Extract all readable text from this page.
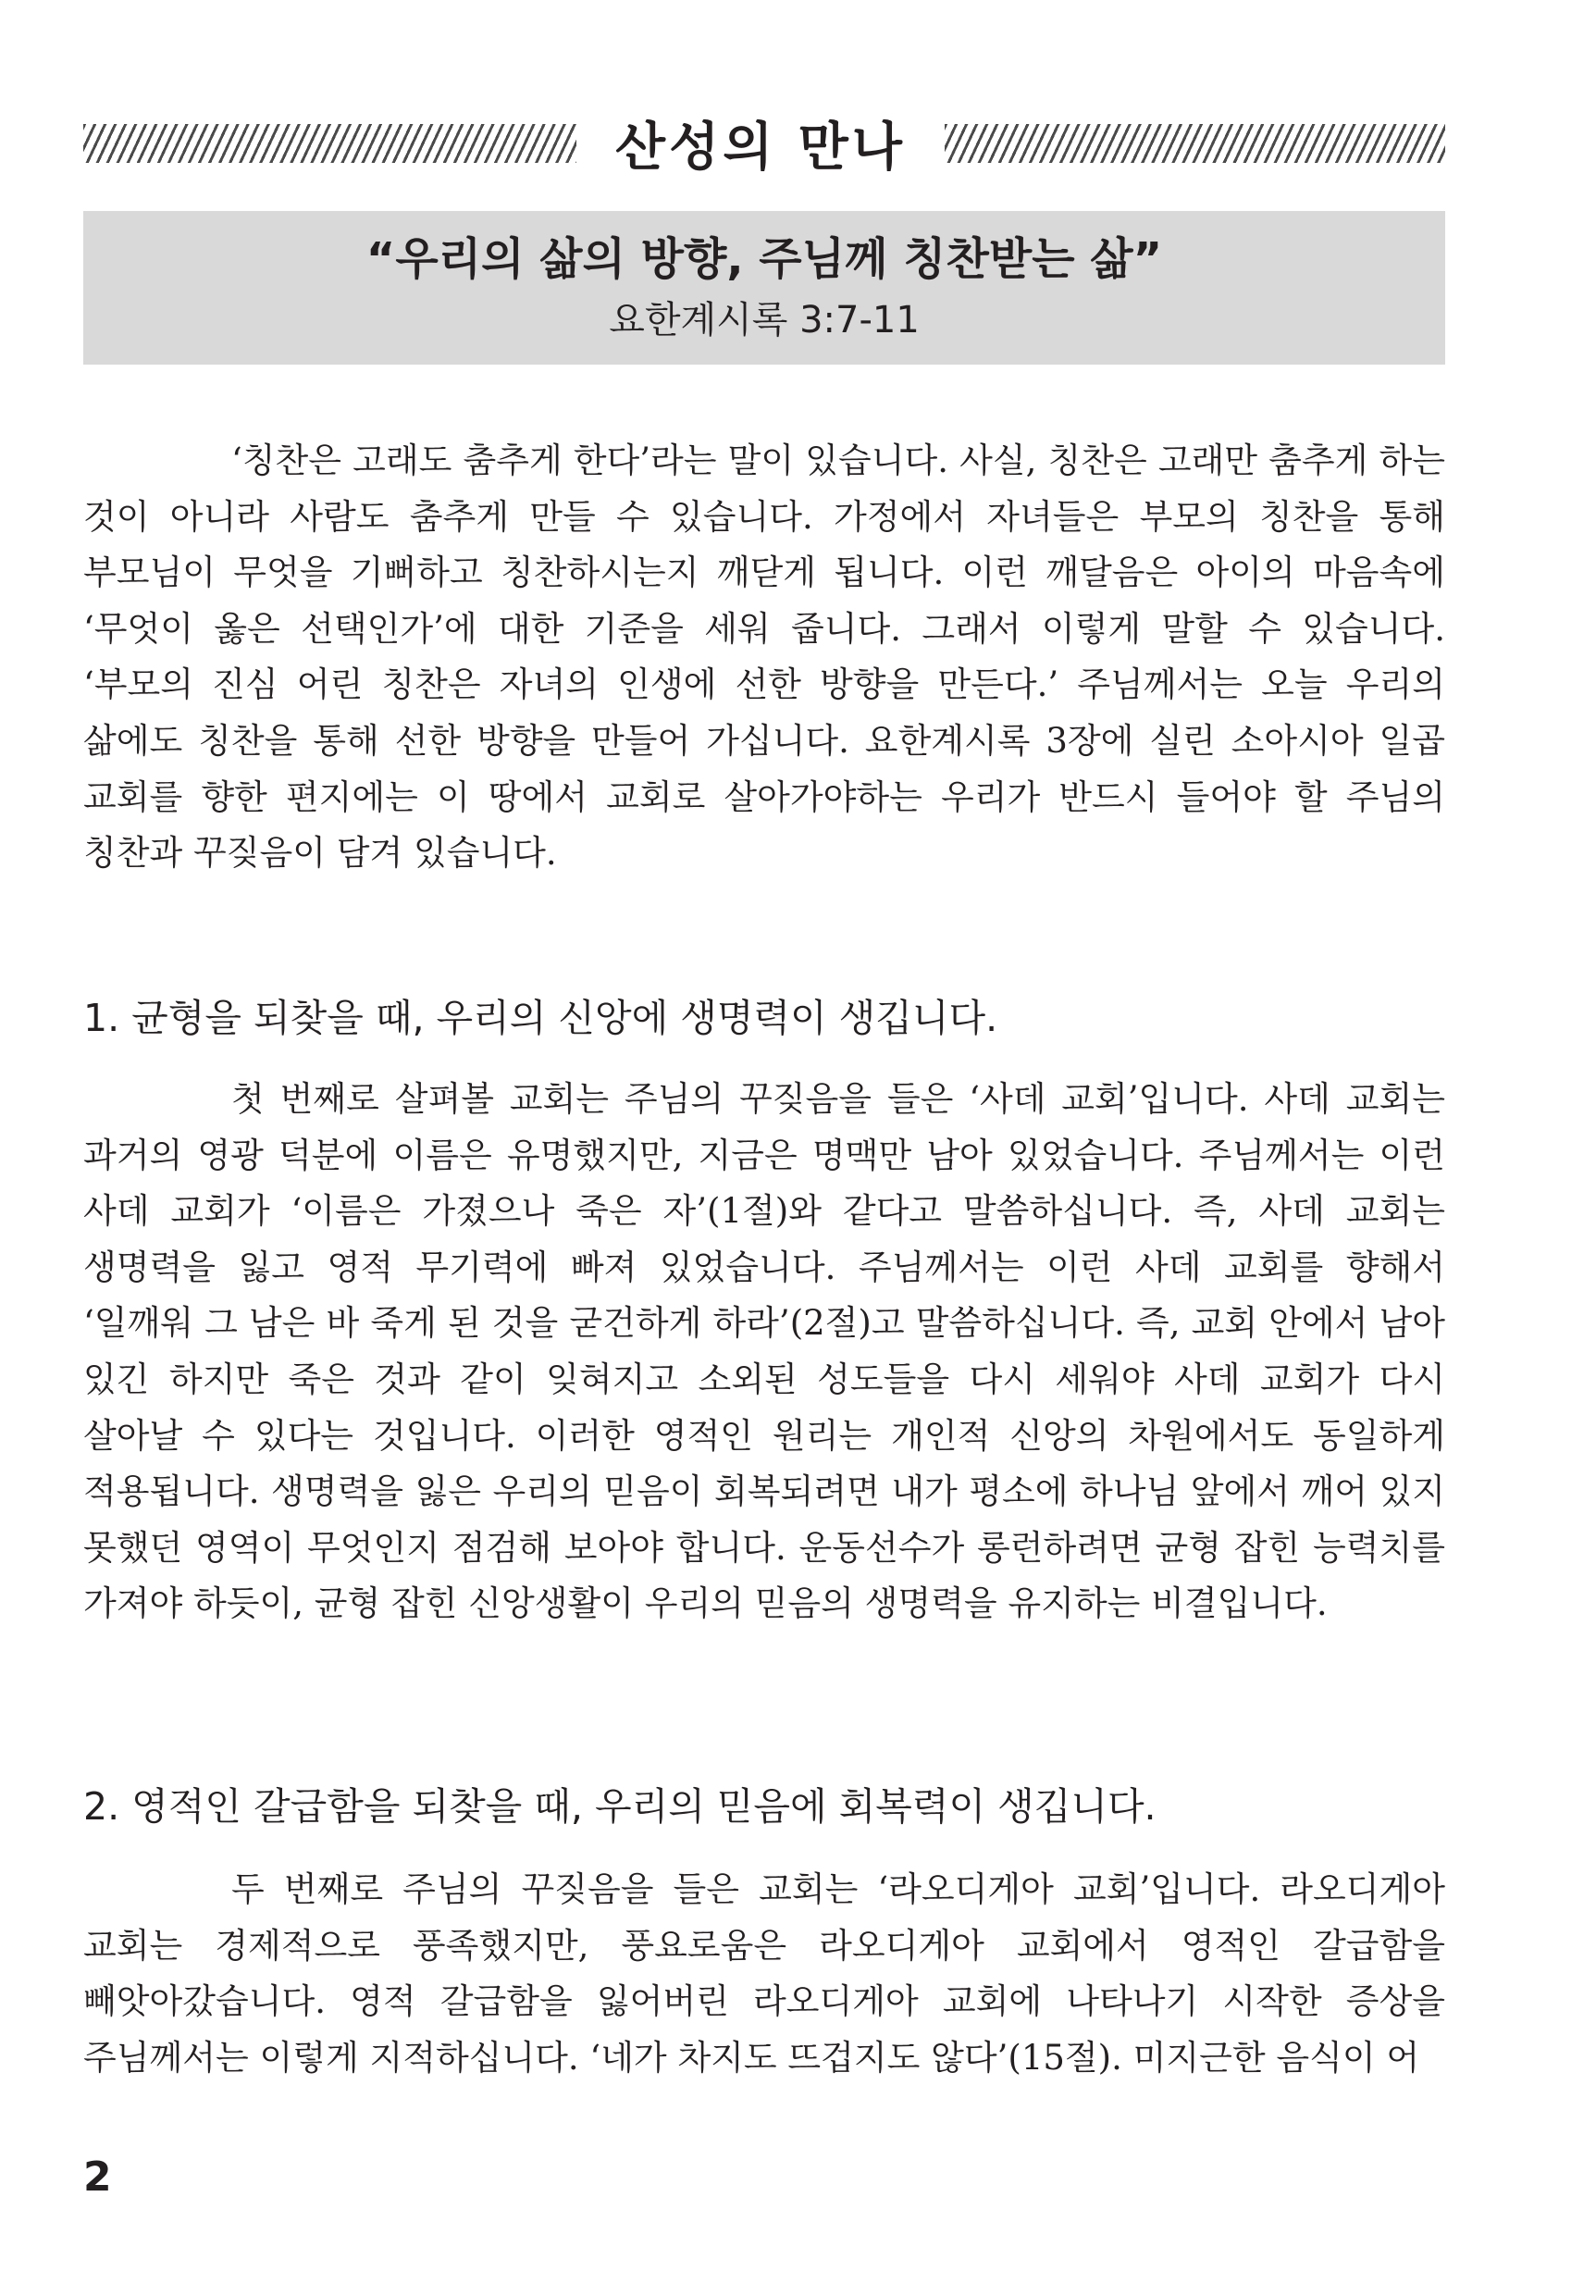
산성의 만나
“우리의 삶의 방향, 주님께 칭찬받는 삶”
요한계시록 3:7-11

‘칭찬은 고래도 춤추게 한다’라는 말이 있습니다. 사실, 칭찬은 고래만 춤추게 하는 것이 아니라 사람도 춤추게 만들 수 있습니다. 가정에서 자녀들은 부모의 칭찬을 통해 부모님이 무엇을 기뻐하고 칭찬하시는지 깨닫게 됩니다. 이런 깨달음은 아이의 마음속에 ‘무엇이 옳은 선택인가’에 대한 기준을 세워 줍니다. 그래서 이렇게 말할 수 있습니다. ‘부모의 진심 어린 칭찬은 자녀의 인생에 선한 방향을 만든다.’ 주님께서는 오늘 우리의 삶에도 칭찬을 통해 선한 방향을 만들어 가십니다. 요한계시록 3장에 실린 소아시아 일곱 교회를 향한 편지에는 이 땅에서 교회로 살아가야하는 우리가 반드시 들어야 할 주님의 칭찬과 꾸짖음이 담겨 있습니다.

1. 균형을 되찾을 때, 우리의 신앙에 생명력이 생깁니다.

첫 번째로 살펴볼 교회는 주님의 꾸짖음을 들은 ‘사데 교회’입니다. 사데 교회는 과거의 영광 덕분에 이름은 유명했지만, 지금은 명맥만 남아 있었습니다. 주님께서는 이런 사데 교회가 ‘이름은 가졌으나 죽은 자’(1절)와 같다고 말씀하십니다. 즉, 사데 교회는 생명력을 잃고 영적 무기력에 빠져 있었습니다. 주님께서는 이런 사데 교회를 향해서 ‘일깨워 그 남은 바 죽게 된 것을 굳건하게 하라’(2절)고 말씀하십니다. 즉, 교회 안에서 남아 있긴 하지만 죽은 것과 같이 잊혀지고 소외된 성도들을 다시 세워야 사데 교회가 다시 살아날 수 있다는 것입니다. 이러한 영적인 원리는 개인적 신앙의 차원에서도 동일하게 적용됩니다. 생명력을 잃은 우리의 믿음이 회복되려면 내가 평소에 하나님 앞에서 깨어 있지 못했던 영역이 무엇인지 점검해 보아야 합니다. 운동선수가 롱런하려면 균형 잡힌 능력치를 가져야 하듯이, 균형 잡힌 신앙생활이 우리의 믿음의 생명력을 유지하는 비결입니다.

2. 영적인 갈급함을 되찾을 때, 우리의 믿음에 회복력이 생깁니다.

두 번째로 주님의 꾸짖음을 들은 교회는 ‘라오디게아 교회’입니다. 라오디게아 교회는 경제적으로 풍족했지만, 풍요로움은 라오디게아 교회에서 영적인 갈급함을 빼앗아갔습니다. 영적 갈급함을 잃어버린 라오디게아 교회에 나타나기 시작한 증상을 주님께서는 이렇게 지적하십니다. ‘네가 차지도 뜨겁지도 않다’(15절). 미지근한 음식이 어

2
